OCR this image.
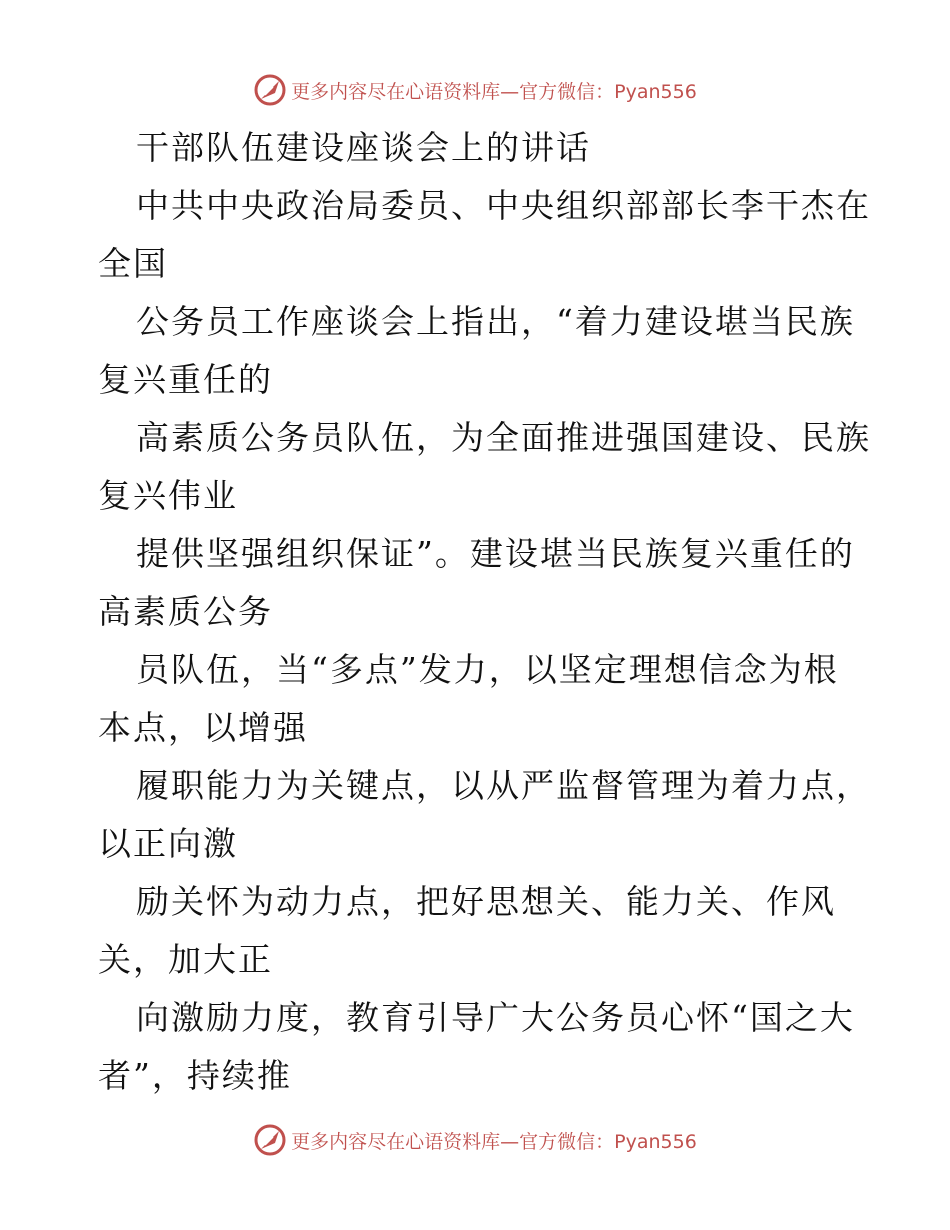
更多内容尽在心语资料库—官方微信：Pyan556
干部队伍建设座谈会上的讲话
中共中央政治局委员、中央组织部部长李干杰在
全国
公务员工作座谈会上指出，“着力建设堪当民族
复兴重任的
高素质公务员队伍，为全面推进强国建设、民族
复兴伟业
提供坚强组织保证”。建设堪当民族复兴重任的
高素质公务
员队伍，当“多点”发力，以坚定理想信念为根
本点，以增强
履职能力为关键点，以从严监督管理为着力点，
以正向激
励关怀为动力点，把好思想关、能力关、作风
关，加大正
向激励力度，教育引导广大公务员心怀“国之大
者”，持续推
更多内容尽在心语资料库—官方微信：Pyan556
